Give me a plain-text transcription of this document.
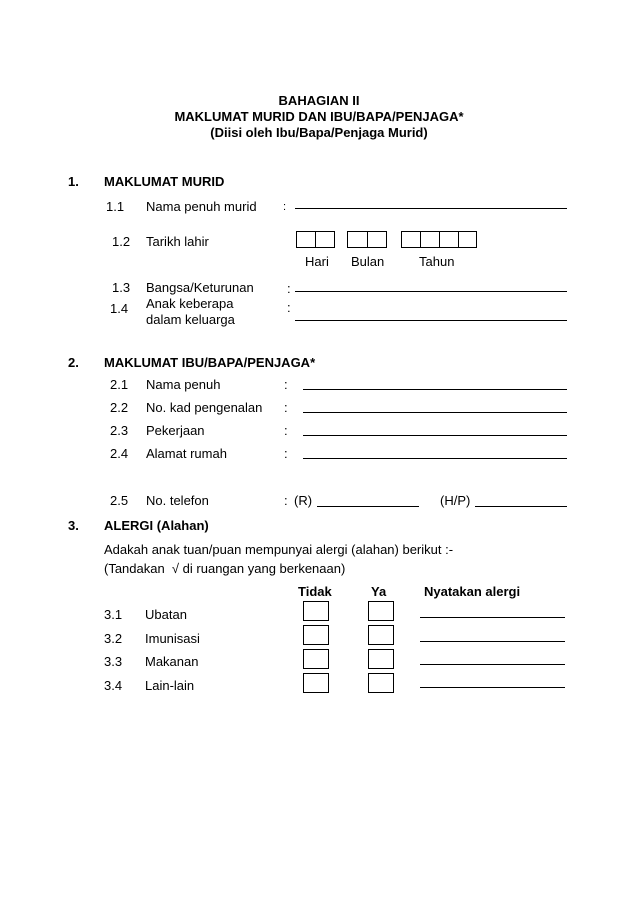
BAHAGIAN II
MAKLUMAT MURID DAN IBU/BAPA/PENJAGA*
(Diisi oleh Ibu/Bapa/Penjaga Murid)
1. MAKLUMAT MURID
1.1 Nama penuh murid :
1.2 Tarikh lahir
Hari Bulan	Tahun
1.3 Bangsa/Keturunan	:
1.4 Anak keberapa
dalam keluarga
:
2. MAKLUMAT IBU/BAPA/PENJAGA*
2.1 Nama penuh	:
2.2 No. kad pengenalan :
2.3 Pekerjaan	:
2.4 Alamat rumah	:
2.5 No. telefon	: (R)	(H/P)
3. ALERGI (Alahan)
Adakah anak tuan/puan mempunyai alergi (alahan) berikut :-
(Tandakan  √ di ruangan yang berkenaan)
Tidak	Ya	Nyatakan alergi
3.1 Ubatan
3.2 Imunisasi
3.3 Makanan
3.4 Lain-lain
